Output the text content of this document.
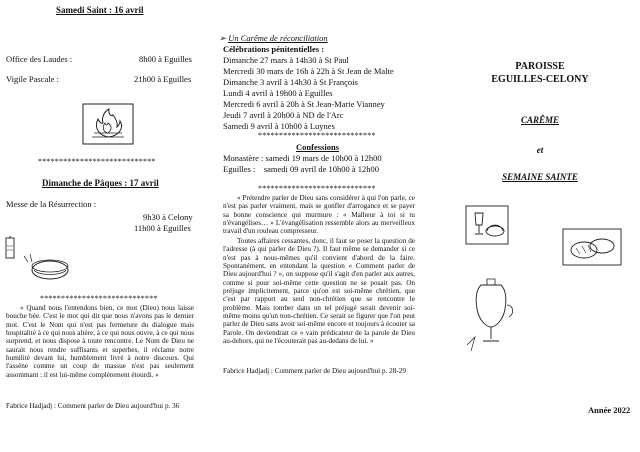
Samedi Saint : 16 avril
Office des Laudes :	8h00 à Eguilles
Vigile Pascale :	21h00 à Eguilles
****************************
Dimanche de Pâques : 17 avril
Messe de la Résurrection :
9h30 à Celony
11h00 à Eguilles
****************************
« Quand nous l'entendons bien, ce mot (Dieu) nous laisse bouche bée. C'est le mot qui dit que nous n'avons pas le dernier mot. C'est le Nom qui n'est pas fermeture du dialogue mais hospitalité à ce qui nous altère, à ce qui nous ouvre, à ce qui nous surprend, et nous dispose à toute rencontre. Le Nom de Dieu ne saurait nous rendre suffisants et superbes, il réclame notre humilité devant lui, humblement livré à notre discours. Qui l'assène comme un coup de massue n'est pas seulement assommant : il est lui-même complètement étourdi. »
Fabrice Hadjadj : Comment parler de Dieu aujourd'hui p. 36
➢ Un Carême de réconciliation
Célébrations pénitentielles :
Dimanche 27 mars à 14h30 à St Paul
Mercredi 30 mars de 16h à 22h à St Jean de Malte
Dimanche 3 avril à 14h30 à St François
Lundi 4 avril à 19h00 à Eguilles
Mercredi 6 avril à 20h à St Jean-Marie Vianney
Jeudi 7 avril à 20h00 à ND de l'Arc
Samedi 9 avril à 10h00 à Luynes
****************************
Confessions
Monastère : samedi 19 mars de 10h00 à 12h00
Eguilles :    samedi 09 avril de 10h00 à 12h00
****************************
« Prétendre parler de Dieu sans considérer à qui l'on parle, ce n'est pas parler vraiment, mais se gonfler d'arrogance et se payer sa bonne conscience qui murmure : « Malheur à toi si tu n'évangélises… » L'évangélisation ressemble alors au merveilleux travail d'un rouleau compresseur.
Toutes affaires cessantes, donc, il faut se poser la question de l'adresse (à qui parler de Dieu ?). Il faut même se demander si ce n'est pas à nous-mêmes qu'il convient d'abord de la faire. Spontanément, en entendant la question « Comment parler de Dieu aujourd'hui ? », on suppose qu'il s'agit d'en parler aux autres, comme si pour soi-même cette question ne se posait pas. On préjuge implicitement, parce qu'on est soi-même chrétien, que c'est par rapport au seul non-chrétien que se rencontre le problème. Mais tomber dans un tel préjugé serait devenir soi-même moins qu'un non-chrétien. Ce serait se figurer que l'on peut parler de Dieu sans avoir soi-même encore et toujours à écouter sa Parole. On deviendrait ce « vain prédicateur de la parole de Dieu au-dehors, qui ne l'écouterait pas au-dedans de lui. »
Fabrice Hadjadj : Comment parler de Dieu aujourd'hui p. 28-29
PAROISSE
EGUILLES-CELONY
CARÊME
et
SEMAINE SAINTE
Année 2022
